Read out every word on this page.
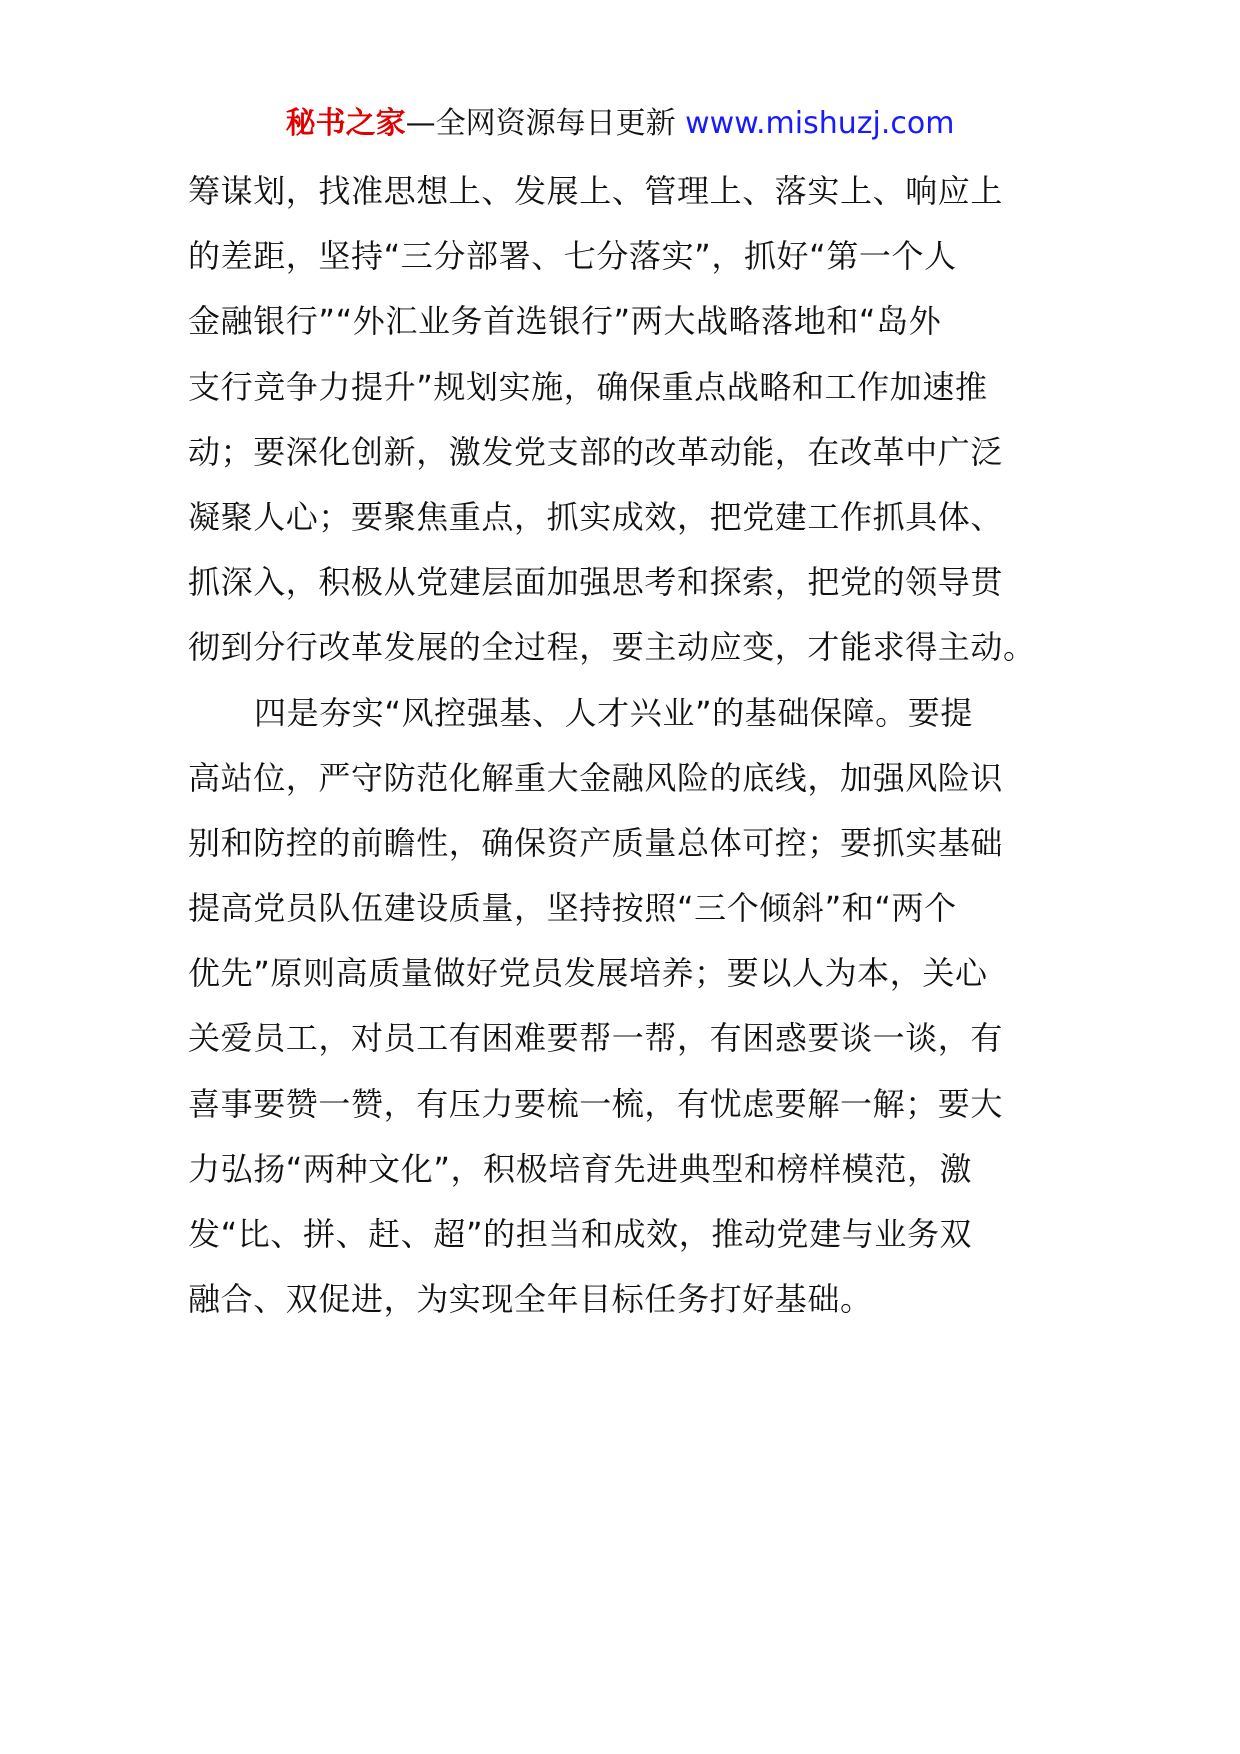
秘书之家—全网资源每日更新 www.mishuzj.com
筹谋划，找准思想上、发展上、管理上、落实上、响应上
的差距，坚持“三分部署、七分落实”，抓好“第一个人
金融银行”“外汇业务首选银行”两大战略落地和“岛外
支行竞争力提升”规划实施，确保重点战略和工作加速推
动；要深化创新，激发党支部的改革动能，在改革中广泛
凝聚人心；要聚焦重点，抓实成效，把党建工作抓具体、
抓深入，积极从党建层面加强思考和探索，把党的领导贯
彻到分行改革发展的全过程，要主动应变，才能求得主动。
四是夯实“风控强基、人才兴业”的基础保障。要提
高站位，严守防范化解重大金融风险的底线，加强风险识
别和防控的前瞻性，确保资产质量总体可控；要抓实基础
提高党员队伍建设质量，坚持按照“三个倾斜”和“两个
优先”原则高质量做好党员发展培养；要以人为本，关心
关爱员工，对员工有困难要帮一帮，有困惑要谈一谈，有
喜事要赞一赞，有压力要梳一梳，有忧虑要解一解；要大
力弘扬“两种文化”，积极培育先进典型和榜样模范，激
发“比、拼、赶、超”的担当和成效，推动党建与业务双
融合、双促进，为实现全年目标任务打好基础。
